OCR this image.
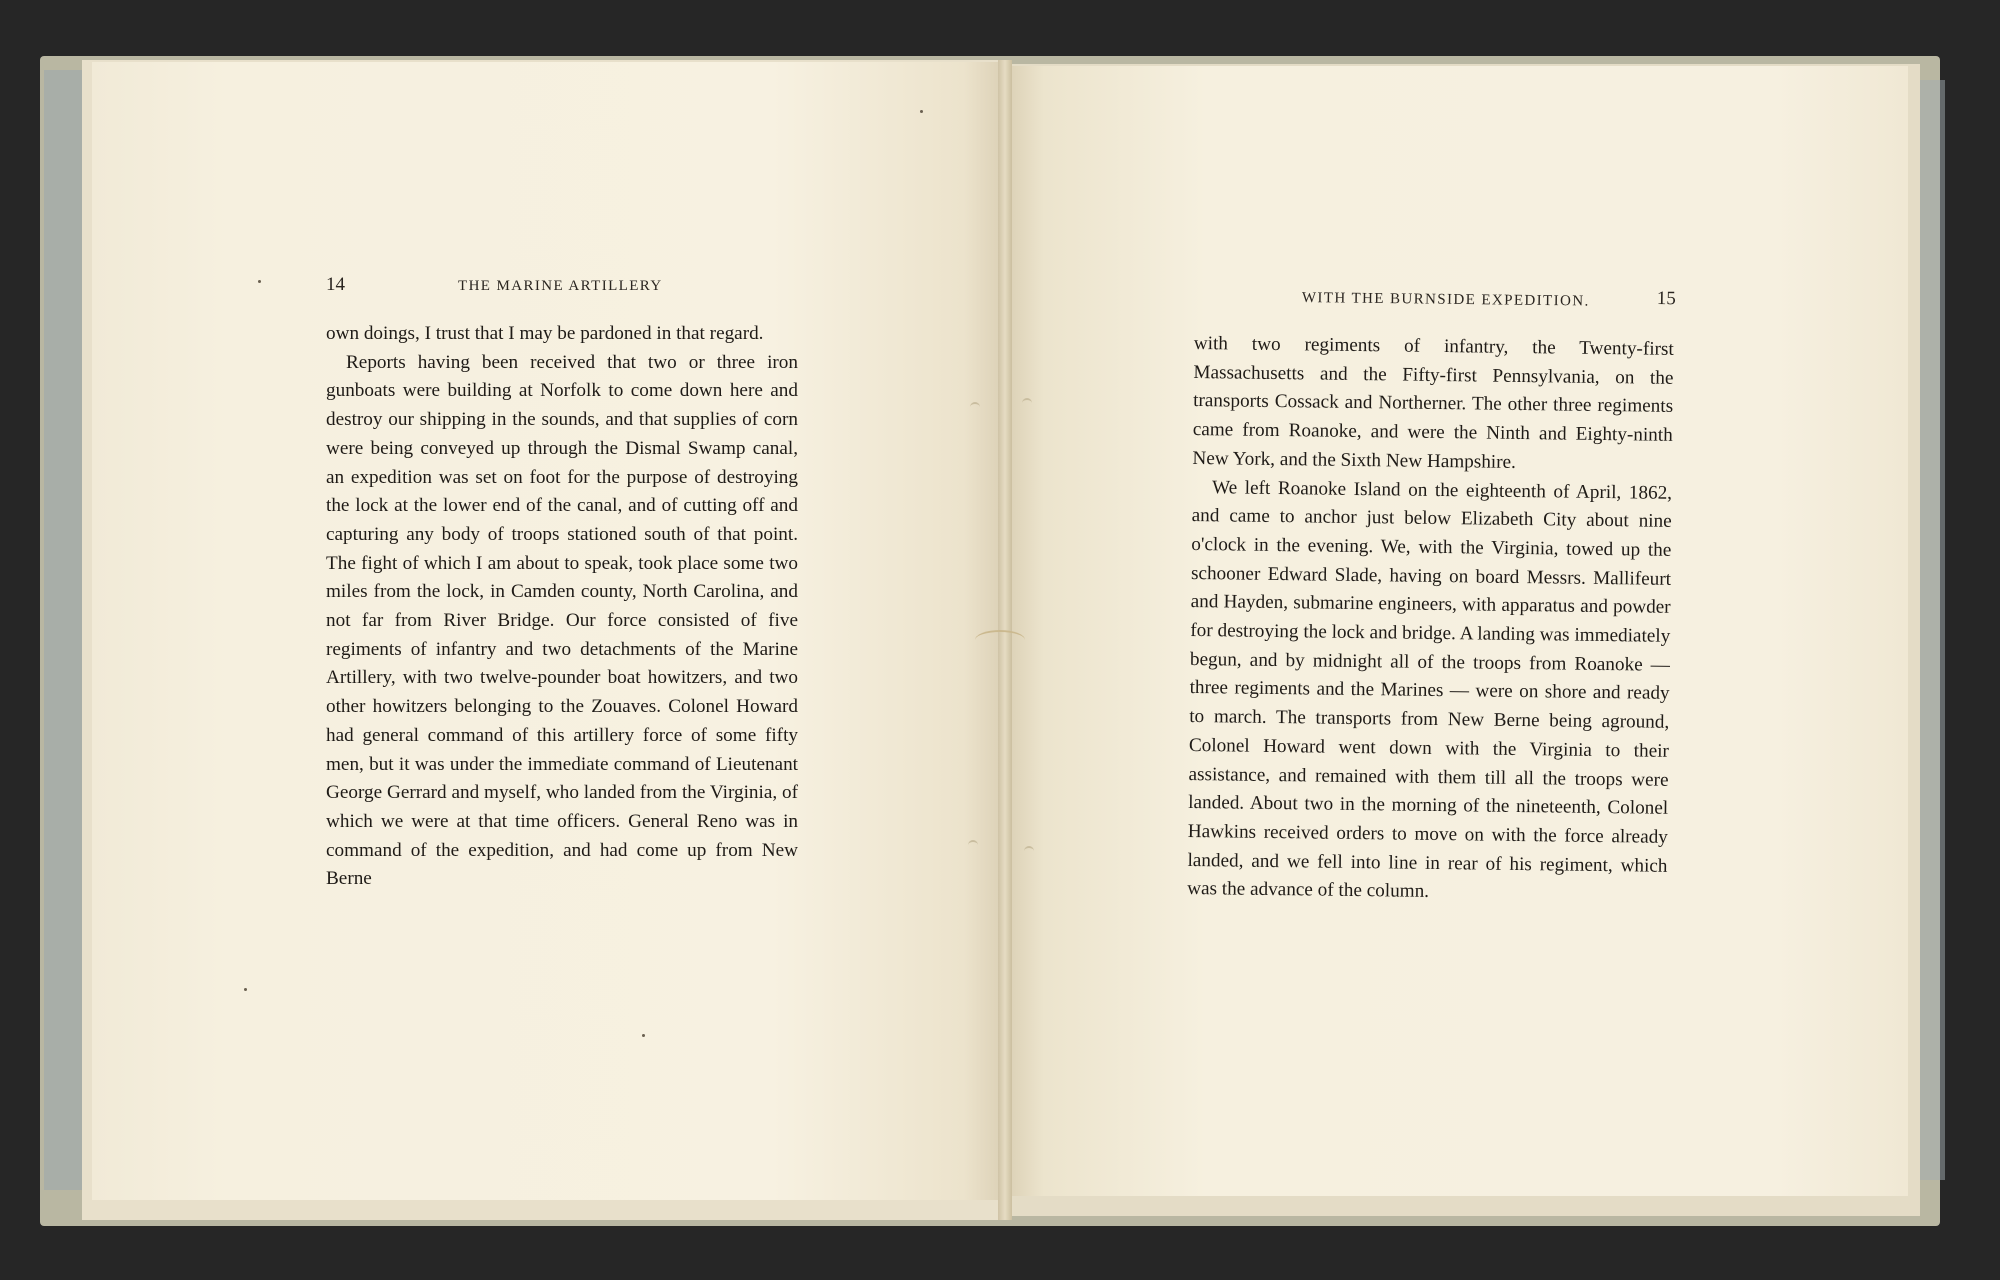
14	THE MARINE ARTILLERY

own doings, I trust that I may be pardoned in that regard.

Reports having been received that two or three iron gunboats were building at Norfolk to come down here and destroy our shipping in the sounds, and that supplies of corn were being conveyed up through the Dismal Swamp canal, an expedition was set on foot for the purpose of destroying the lock at the lower end of the canal, and of cutting off and capturing any body of troops stationed south of that point. The fight of which I am about to speak, took place some two miles from the lock, in Camden county, North Carolina, and not far from River Bridge. Our force consisted of five regiments of infantry and two detachments of the Marine Artillery, with two twelve-pounder boat howitzers, and two other howitzers belonging to the Zouaves. Colonel Howard had general command of this artillery force of some fifty men, but it was under the immediate command of Lieutenant George Gerrard and myself, who landed from the Virginia, of which we were at that time officers. General Reno was in command of the expedition, and had come up from New Berne

WITH THE BURNSIDE EXPEDITION.	15

with two regiments of infantry, the Twenty-first Massachusetts and the Fifty-first Pennsylvania, on the transports Cossack and Northerner. The other three regiments came from Roanoke, and were the Ninth and Eighty-ninth New York, and the Sixth New Hampshire.

We left Roanoke Island on the eighteenth of April, 1862, and came to anchor just below Elizabeth City about nine o'clock in the evening. We, with the Virginia, towed up the schooner Edward Slade, having on board Messrs. Mallifeurt and Hayden, submarine engineers, with apparatus and powder for destroying the lock and bridge. A landing was immediately begun, and by midnight all of the troops from Roanoke — three regiments and the Marines — were on shore and ready to march. The transports from New Berne being aground, Colonel Howard went down with the Virginia to their assistance, and remained with them till all the troops were landed. About two in the morning of the nineteenth, Colonel Hawkins received orders to move on with the force already landed, and we fell into line in rear of his regiment, which was the advance of the column.
